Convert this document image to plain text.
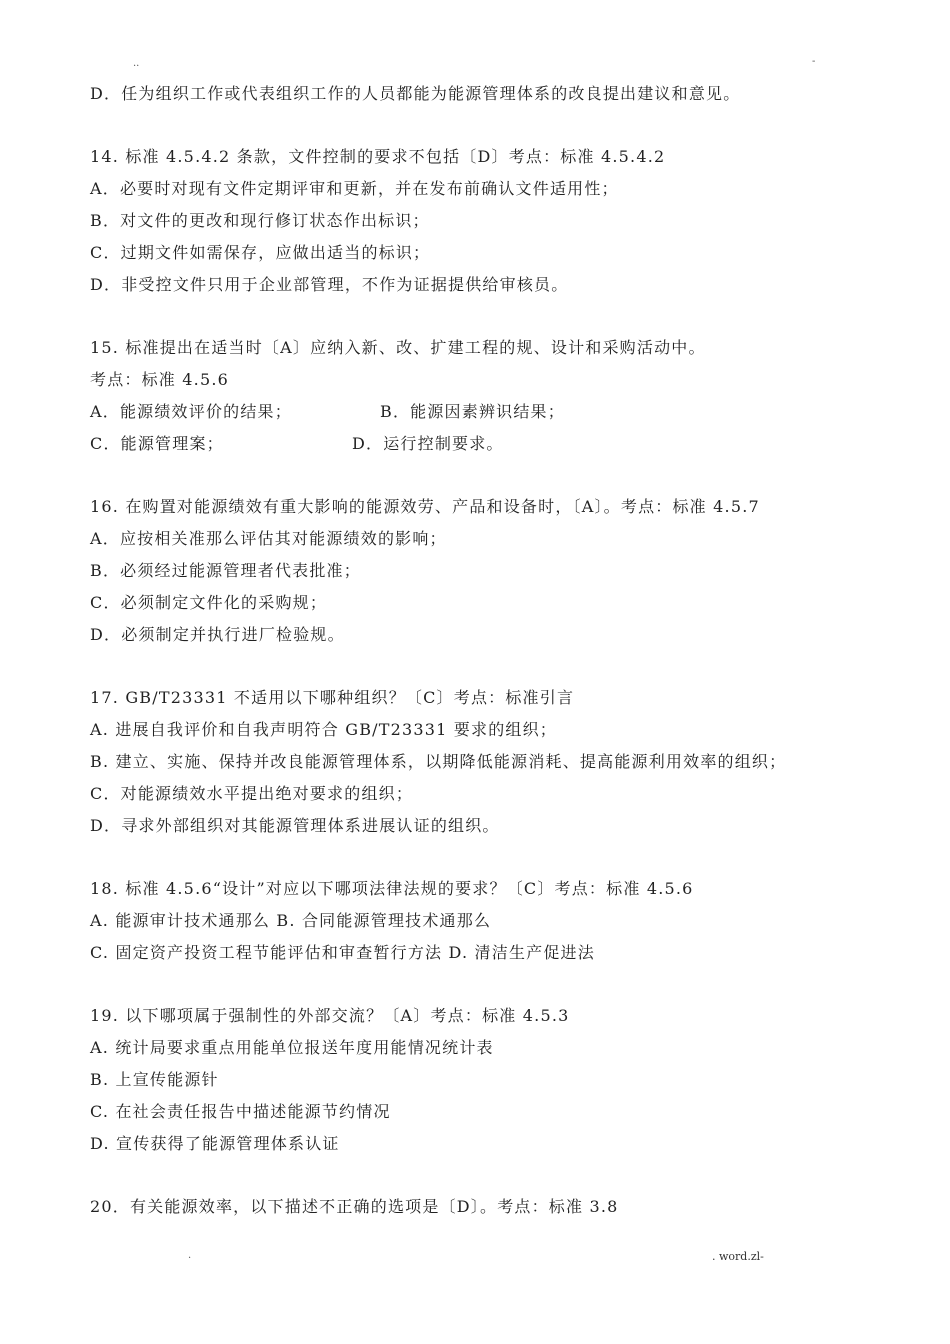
..	-
D．任为组织工作或代表组织工作的人员都能为能源管理体系的改良提出建议和意见。
14. 标准 4.5.4.2 条款，文件控制的要求不包括〔D〕考点：标准 4.5.4.2
A．必要时对现有文件定期评审和更新，并在发布前确认文件适用性；
B．对文件的更改和现行修订状态作出标识；
C．过期文件如需保存，应做出适当的标识；
D．非受控文件只用于企业部管理，不作为证据提供给审核员。
15. 标准提出在适当时〔A〕应纳入新、改、扩建工程的规、设计和采购活动中。
考点：标准 4.5.6
A．能源绩效评价的结果；	B．能源因素辨识结果；
C．能源管理案；	D．运行控制要求。
16. 在购置对能源绩效有重大影响的能源效劳、产品和设备时，〔A〕。考点：标准 4.5.7
A．应按相关准那么评估其对能源绩效的影响；
B．必须经过能源管理者代表批准；
C．必须制定文件化的采购规；
D．必须制定并执行进厂检验规。
17. GB/T23331 不适用以下哪种组织？〔C〕考点：标准引言
A. 进展自我评价和自我声明符合 GB/T23331 要求的组织；
B. 建立、实施、保持并改良能源管理体系，以期降低能源消耗、提高能源利用效率的组织；
C．对能源绩效水平提出绝对要求的组织；
D．寻求外部组织对其能源管理体系进展认证的组织。
18. 标准 4.5.6“设计”对应以下哪项法律法规的要求？〔C〕考点：标准 4.5.6
A. 能源审计技术通那么 B. 合同能源管理技术通那么
C. 固定资产投资工程节能评估和审查暂行方法 D. 清洁生产促进法
19. 以下哪项属于强制性的外部交流？〔A〕考点：标准 4.5.3
A. 统计局要求重点用能单位报送年度用能情况统计表
B. 上宣传能源针
C. 在社会责任报告中描述能源节约情况
D. 宣传获得了能源管理体系认证
20．有关能源效率，以下描述不正确的选项是〔D〕。考点：标准 3.8
.	. word.zl-
